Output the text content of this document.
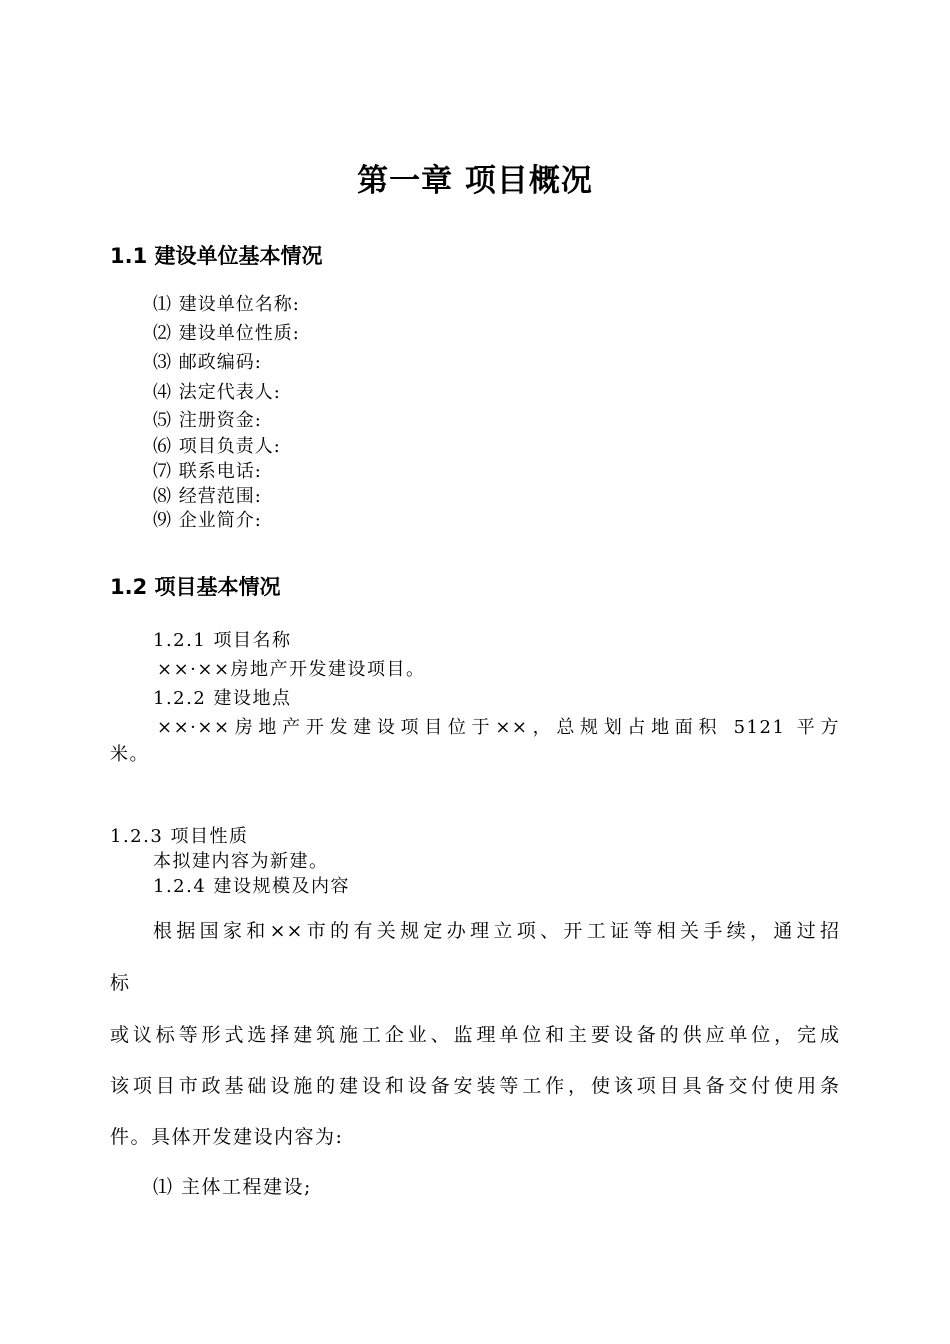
第一章 项目概况
1.1 建设单位基本情况
⑴ 建设单位名称:
⑵ 建设单位性质:
⑶ 邮政编码:
⑷ 法定代表人:
⑸ 注册资金:
⑹ 项目负责人:
⑺ 联系电话:
⑻ 经营范围:
⑼ 企业简介:
1.2 项目基本情况
1.2.1 项目名称
××·××房地产开发建设项目。
1.2.2 建设地点
××·××房地产开发建设项目位于××，总规划占地面积 5121 平方
米。
1.2.3 项目性质
本拟建内容为新建。
1.2.4 建设规模及内容
根据国家和××市的有关规定办理立项、开工证等相关手续，通过招
标
或议标等形式选择建筑施工企业、监理单位和主要设备的供应单位，完成
该项目市政基础设施的建设和设备安装等工作，使该项目具备交付使用条
件。具体开发建设内容为:
⑴ 主体工程建设;
